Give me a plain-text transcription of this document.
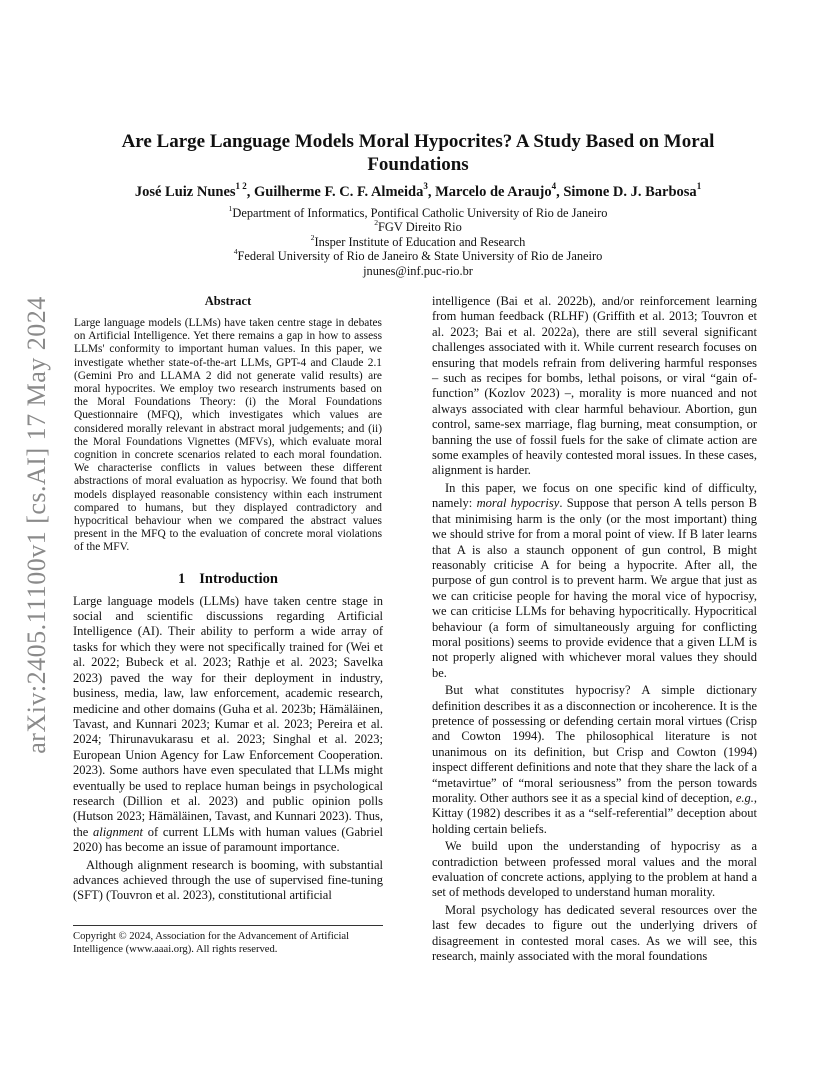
arXiv:2405.11100v1 [cs.AI] 17 May 2024
Are Large Language Models Moral Hypocrites? A Study Based on Moral Foundations
José Luiz Nunes$^{1 2}$, Guilherme F. C. F. Almeida$^3$, Marcelo de Araujo$^4$, Simone D. J. Barbosa$^1$
$^1$Department of Informatics, Pontifical Catholic University of Rio de Janeiro
$^2$FGV Direito Rio
$^2$Insper Institute of Education and Research
$^4$Federal University of Rio de Janeiro & State University of Rio de Janeiro
jnunes@inf.puc-rio.br
Abstract
Large language models (LLMs) have taken centre stage in debates on Artificial Intelligence. Yet there remains a gap in how to assess LLMs' conformity to important human values. In this paper, we investigate whether state-of-the-art LLMs, GPT-4 and Claude 2.1 (Gemini Pro and LLAMA 2 did not generate valid results) are moral hypocrites. We employ two research instruments based on the Moral Foundations Theory: (i) the Moral Foundations Questionnaire (MFQ), which investigates which values are considered morally relevant in abstract moral judgements; and (ii) the Moral Foundations Vignettes (MFVs), which evaluate moral cognition in concrete scenarios related to each moral foundation. We characterise conflicts in values between these different abstractions of moral evaluation as hypocrisy. We found that both models displayed reasonable consistency within each instrument compared to humans, but they displayed contradictory and hypocritical behaviour when we compared the abstract values present in the MFQ to the evaluation of concrete moral violations of the MFV.
1 Introduction

Large language models (LLMs) have taken centre stage in social and scientific discussions regarding Artificial Intelligence (AI). Their ability to perform a wide array of tasks for which they were not specifically trained for (Wei et al. 2022; Bubeck et al. 2023; Rathje et al. 2023; Savelka 2023) paved the way for their deployment in industry, business, media, law, law enforcement, academic research, medicine and other domains (Guha et al. 2023b; Hämäläinen, Tavast, and Kunnari 2023; Kumar et al. 2023; Pereira et al. 2024; Thirunavukarasu et al. 2023; Singhal et al. 2023; European Union Agency for Law Enforcement Cooperation. 2023). Some authors have even speculated that LLMs might eventually be used to replace human beings in psychological research (Dillion et al. 2023) and public opinion polls (Hutson 2023; Hämäläinen, Tavast, and Kunnari 2023). Thus, the alignment of current LLMs with human values (Gabriel 2020) has become an issue of paramount importance.

Although alignment research is booming, with substantial advances achieved through the use of supervised fine-tuning (SFT) (Touvron et al. 2023), constitutional artificial

intelligence (Bai et al. 2022b), and/or reinforcement learning from human feedback (RLHF) (Griffith et al. 2013; Touvron et al. 2023; Bai et al. 2022a), there are still several significant challenges associated with it. While current research focuses on ensuring that models refrain from delivering harmful responses – such as recipes for bombs, lethal poisons, or viral “gain of-function” (Kozlov 2023) –, morality is more nuanced and not always associated with clear harmful behaviour. Abortion, gun control, same-sex marriage, flag burning, meat consumption, or banning the use of fossil fuels for the sake of climate action are some examples of heavily contested moral issues. In these cases, alignment is harder.

In this paper, we focus on one specific kind of difficulty, namely: moral hypocrisy. Suppose that person A tells person B that minimising harm is the only (or the most important) thing we should strive for from a moral point of view. If B later learns that A is also a staunch opponent of gun control, B might reasonably criticise A for being a hypocrite. After all, the purpose of gun control is to prevent harm. We argue that just as we can criticise people for having the moral vice of hypocrisy, we can criticise LLMs for behaving hypocritically. Hypocritical behaviour (a form of simultaneously arguing for conflicting moral positions) seems to provide evidence that a given LLM is not properly aligned with whichever moral values they should be.

But what constitutes hypocrisy? A simple dictionary definition describes it as a disconnection or incoherence. It is the pretence of possessing or defending certain moral virtues (Crisp and Cowton 1994). The philosophical literature is not unanimous on its definition, but Crisp and Cowton (1994) inspect different definitions and note that they share the lack of a “metavirtue” of “moral seriousness” from the person towards morality. Other authors see it as a special kind of deception, e.g., Kittay (1982) describes it as a “self-referential” deception about holding certain beliefs.

We build upon the understanding of hypocrisy as a contradiction between professed moral values and the moral evaluation of concrete actions, applying to the problem at hand a set of methods developed to understand human morality.

Moral psychology has dedicated several resources over the last few decades to figure out the underlying drivers of disagreement in contested moral cases. As we will see, this research, mainly associated with the moral foundations

Copyright © 2024, Association for the Advancement of Artificial Intelligence (www.aaai.org). All rights reserved.
